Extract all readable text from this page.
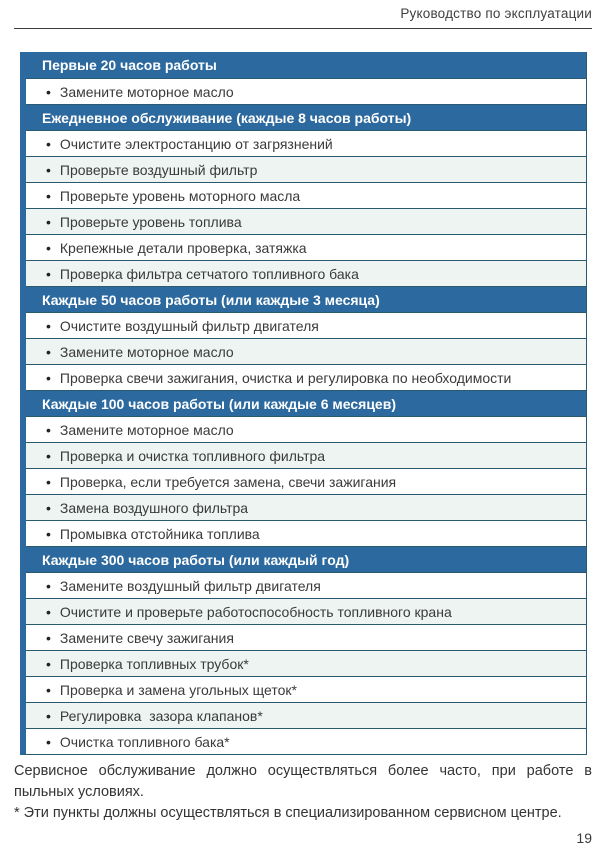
Руководство по эксплуатации
Первые 20 часов работы
• Замените моторное масло
Ежедневное обслуживание (каждые 8 часов работы)
• Очистите электростанцию от загрязнений
• Проверьте воздушный фильтр
• Проверьте уровень моторного масла
• Проверьте уровень топлива
• Крепежные детали проверка, затяжка
• Проверка фильтра сетчатого топливного бака
Каждые 50 часов работы (или каждые 3 месяца)
• Очистите воздушный фильтр двигателя
• Замените моторное масло
• Проверка свечи зажигания, очистка и регулировка по необходимости
Каждые 100 часов работы (или каждые 6 месяцев)
• Замените моторное масло
• Проверка и очистка топливного фильтра
• Проверка, если требуется замена, свечи зажигания
• Замена воздушного фильтра
• Промывка отстойника топлива
Каждые 300 часов работы (или каждый год)
• Замените воздушный фильтр двигателя
• Очистите и проверьте работоспособность топливного крана
• Замените свечу зажигания
• Проверка топливных трубок*
• Проверка и замена угольных щеток*
• Регулировка  зазора клапанов*
• Очистка топливного бака*

Сервисное обслуживание должно осуществляться более часто, при работе в пыльных условиях.

* Эти пункты должны осуществляться в специализированном сервисном центре.

19
